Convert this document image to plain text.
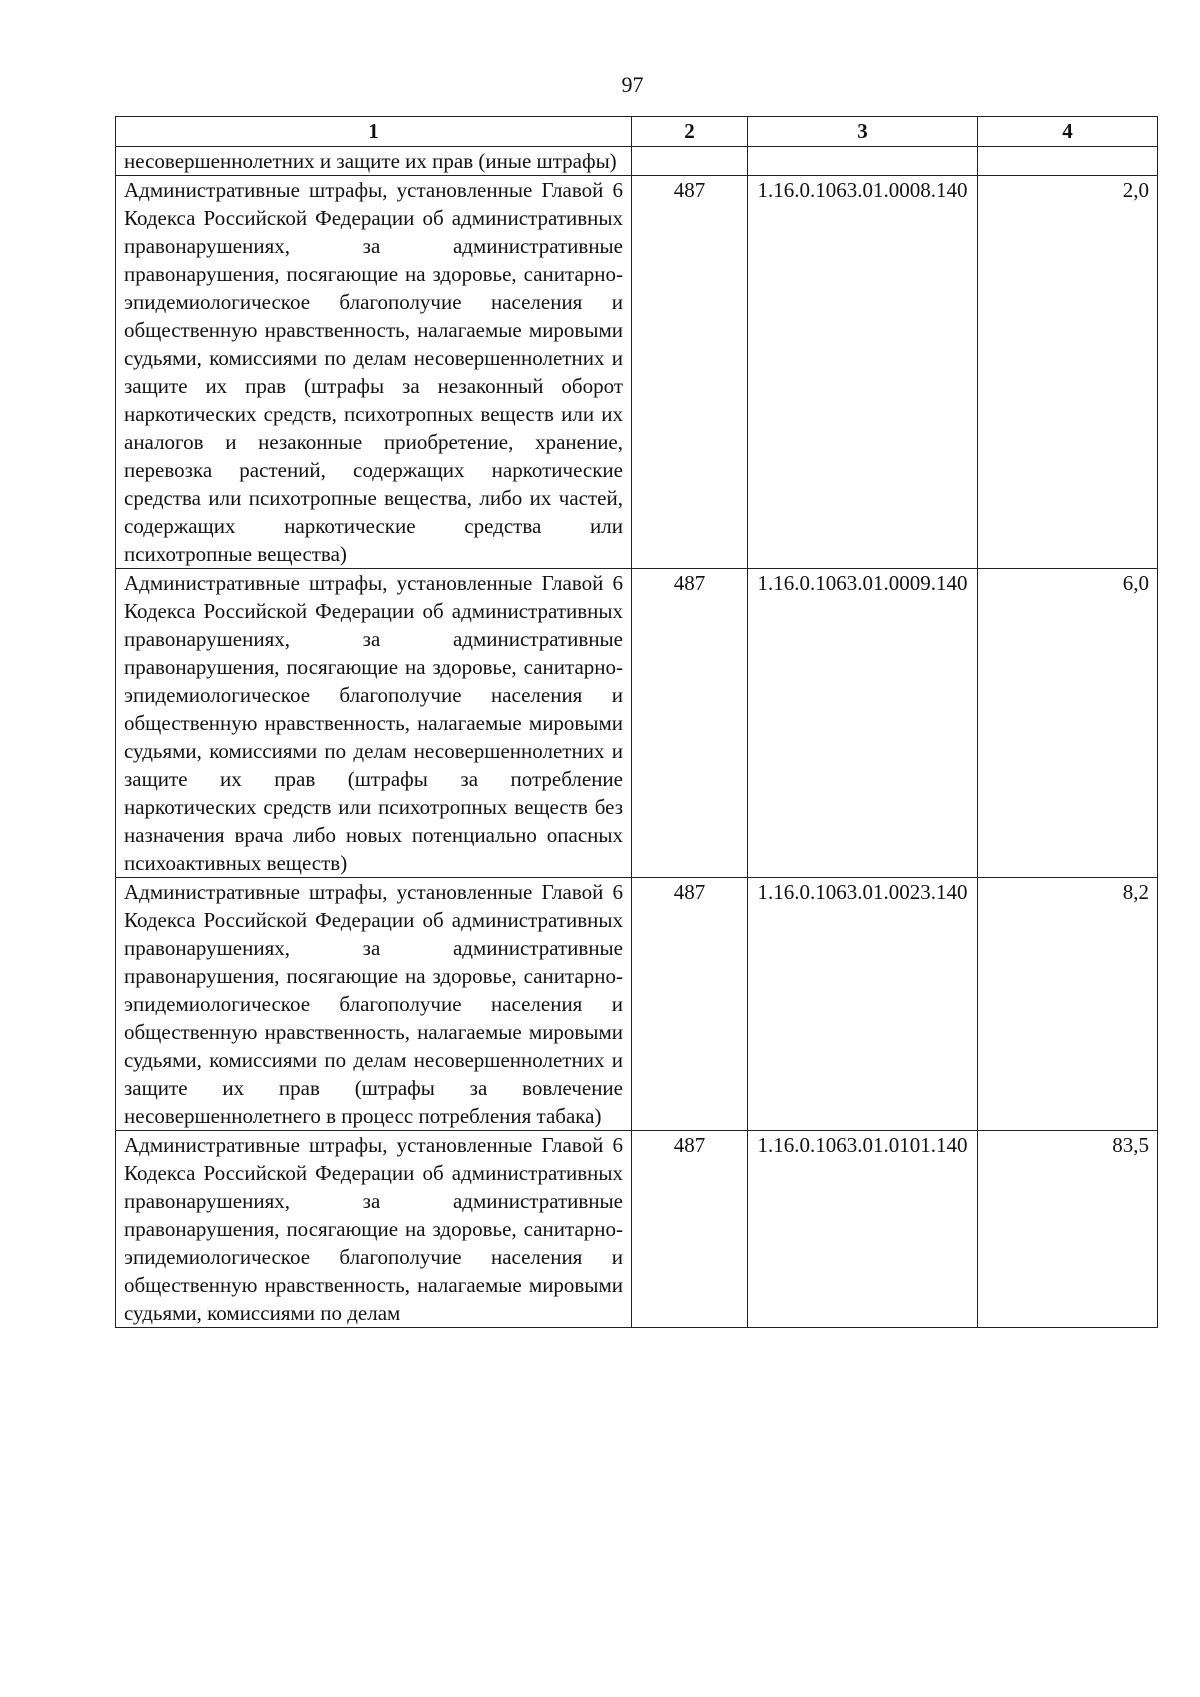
97
1	2	3	4
несовершеннолетних и защите их прав (иные штрафы)			
Административные штрафы, установленные Главой 6 Кодекса Российской Федерации об административных правонарушениях, за административные правонарушения, посягающие на здоровье, санитарно-эпидемиологическое благополучие населения и общественную нравственность, налагаемые мировыми судьями, комиссиями по делам несовершеннолетних и защите их прав (штрафы за незаконный оборот наркотических средств, психотропных веществ или их аналогов и незаконные приобретение, хранение, перевозка растений, содержащих наркотические средства или психотропные вещества, либо их частей, содержащих наркотические средства или психотропные вещества)	487	1.16.0.1063.01.0008.140	2,0
Административные штрафы, установленные Главой 6 Кодекса Российской Федерации об административных правонарушениях, за административные правонарушения, посягающие на здоровье, санитарно-эпидемиологическое благополучие населения и общественную нравственность, налагаемые мировыми судьями, комиссиями по делам несовершеннолетних и защите их прав (штрафы за потребление наркотических средств или психотропных веществ без назначения врача либо новых потенциально опасных психоактивных веществ)	487	1.16.0.1063.01.0009.140	6,0
Административные штрафы, установленные Главой 6 Кодекса Российской Федерации об административных правонарушениях, за административные правонарушения, посягающие на здоровье, санитарно-эпидемиологическое благополучие населения и общественную нравственность, налагаемые мировыми судьями, комиссиями по делам несовершеннолетних и защите их прав (штрафы за вовлечение несовершеннолетнего в процесс потребления табака)	487	1.16.0.1063.01.0023.140	8,2
Административные штрафы, установленные Главой 6 Кодекса Российской Федерации об административных правонарушениях, за административные правонарушения, посягающие на здоровье, санитарно-эпидемиологическое благополучие населения и общественную нравственность, налагаемые мировыми судьями, комиссиями по делам	487	1.16.0.1063.01.0101.140	83,5
